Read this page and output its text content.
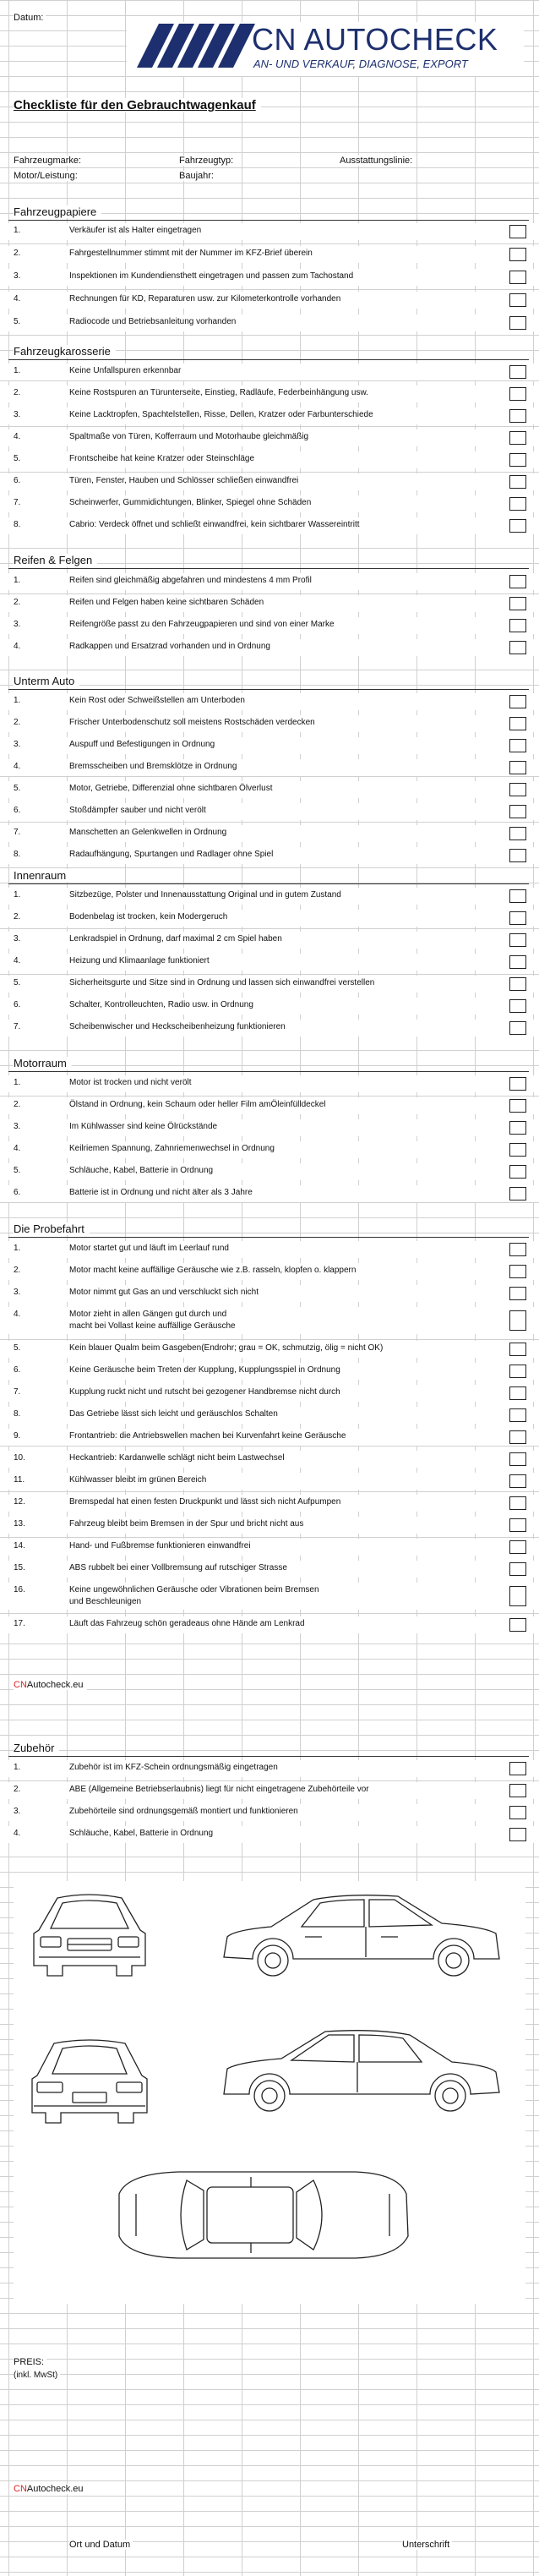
Fahrzeugpapiere
1.	Verkäufer ist als Halter eingetragen
2.	Fahrgestellnummer stimmt mit der Nummer im KFZ-Brief überein
3.	Inspektionen im Kundendiensthett eingetragen und passen zum Tachostand
4.	Rechnungen für KD, Reparaturen usw. zur Kilometerkontrolle vorhanden
5.	Radiocode und Betriebsanleitung vorhanden
Fahrzeugkarosserie
1.	Keine Unfallspuren erkennbar
2.	Keine Rostspuren an Türunterseite, Einstieg, Radläufe, Federbeinhängung usw.
3.	Keine Lacktropfen, Spachtelstellen, Risse, Dellen, Kratzer oder Farbunterschiede
4.	Spaltmaße von Türen, Kofferraum und Motorhaube gleichmäßig
5.	Frontscheibe hat keine Kratzer oder Steinschläge
6.	Türen, Fenster, Hauben und Schlösser schließen einwandfrei
7.	Scheinwerfer, Gummidichtungen, Blinker, Spiegel ohne Schäden
8.	Cabrio: Verdeck öffnet und schließt einwandfrei, kein sichtbarer Wassereintritt
Reifen & Felgen
1.	Reifen sind gleichmäßig abgefahren und mindestens 4 mm Profil
2.	Reifen und Felgen haben keine sichtbaren Schäden
3.	Reifengröße passt zu den Fahrzeugpapieren und sind von einer Marke
4.	Radkappen und Ersatzrad vorhanden und in Ordnung
Unterm Auto
1.	Kein Rost oder Schweißstellen am Unterboden
2.	Frischer Unterbodenschutz soll meistens Rostschäden verdecken
3.	Auspuff und Befestigungen in Ordnung
4.	Bremsscheiben und Bremsklötze in Ordnung
5.	Motor, Getriebe, Differenzial ohne sichtbaren Ölverlust
6.	Stoßdämpfer sauber und nicht verölt
7.	Manschetten an Gelenkwellen in Ordnung
8.	Radaufhängung, Spurtangen und Radlager ohne Spiel
Innenraum
1.	Sitzbezüge, Polster und Innenausstattung Original und in gutem Zustand
2.	Bodenbelag ist trocken, kein Modergeruch
3.	Lenkradspiel in Ordnung, darf maximal 2 cm Spiel haben
4.	Heizung und Klimaanlage funktioniert
5.	Sicherheitsgurte und Sitze sind in Ordnung und lassen sich einwandfrei verstellen
6.	Schalter, Kontrolleuchten, Radio usw. in Ordnung
7.	Scheibenwischer und Heckscheibenheizung funktionieren
Motorraum
1.	Motor ist trocken und nicht verölt
2.	Ölstand in Ordnung, kein Schaum oder heller Film amÖleinfülldeckel
3.	Im Kühlwasser sind keine Ölrückstände
4.	Keilriemen Spannung, Zahnriemenwechsel in Ordnung
5.	Schläuche, Kabel, Batterie in Ordnung
6.	Batterie ist in Ordnung und nicht älter als 3 Jahre
Die Probefahrt
1.	Motor startet gut und läuft im Leerlauf rund
2.	Motor macht keine auffällige Geräusche wie z.B. rasseln, klopfen o. klappern
3.	Motor nimmt gut Gas an und verschluckt sich nicht
4.	Motor zieht in allen Gängen gut durch und
macht bei Vollast keine auffällige Geräusche
5.	Kein blauer Qualm beim Gasgeben(Endrohr; grau = OK, schmutzig, ölig = nicht OK)
6.	Keine Geräusche beim Treten der Kupplung, Kupplungsspiel in Ordnung
7.	Kupplung ruckt nicht und rutscht bei gezogener Handbremse nicht durch
8.	Das Getriebe lässt sich leicht und geräuschlos Schalten
9.	Frontantrieb: die Antriebswellen machen bei Kurvenfahrt keine Geräusche
10.	Heckantrieb: Kardanwelle schlägt nicht beim Lastwechsel
11.	Kühlwasser bleibt im grünen Bereich
12.	Bremspedal hat einen festen Druckpunkt und lässt sich nicht Aufpumpen
13.	Fahrzeug bleibt beim Bremsen in der Spur und bricht nicht aus
14.	Hand- und Fußbremse funktionieren einwandfrei
15.	ABS rubbelt bei einer Vollbremsung auf rutschiger Strasse
16.	Keine ungewöhnlichen Geräusche oder Vibrationen beim Bremsen
und Beschleunigen
17.	Läuft das Fahrzeug schön geradeaus ohne Hände am Lenkrad
CNAutocheck.eu
Zubehör
1.	Zubehör ist im KFZ-Schein ordnungsmäßig eingetragen
2.	ABE (Allgemeine Betriebserlaubnis) liegt für nicht eingetragene Zubehörteile vor
3.	Zubehörteile sind ordnungsgemäß montiert und funktionieren
4.	Schläuche, Kabel, Batterie in Ordnung
PREIS:
(inkl. MwSt)
CNAutocheck.eu
Ort und Datum	Unterschrift
Datum:
CN AUTOCHECK
AN- UND VERKAUF, DIAGNOSE, EXPORT
Checkliste für den Gebrauchtwagenkauf
Fahrzeugmarke:	Fahrzeugtyp:	Ausstattungslinie:
Motor/Leistung:	Baujahr:
